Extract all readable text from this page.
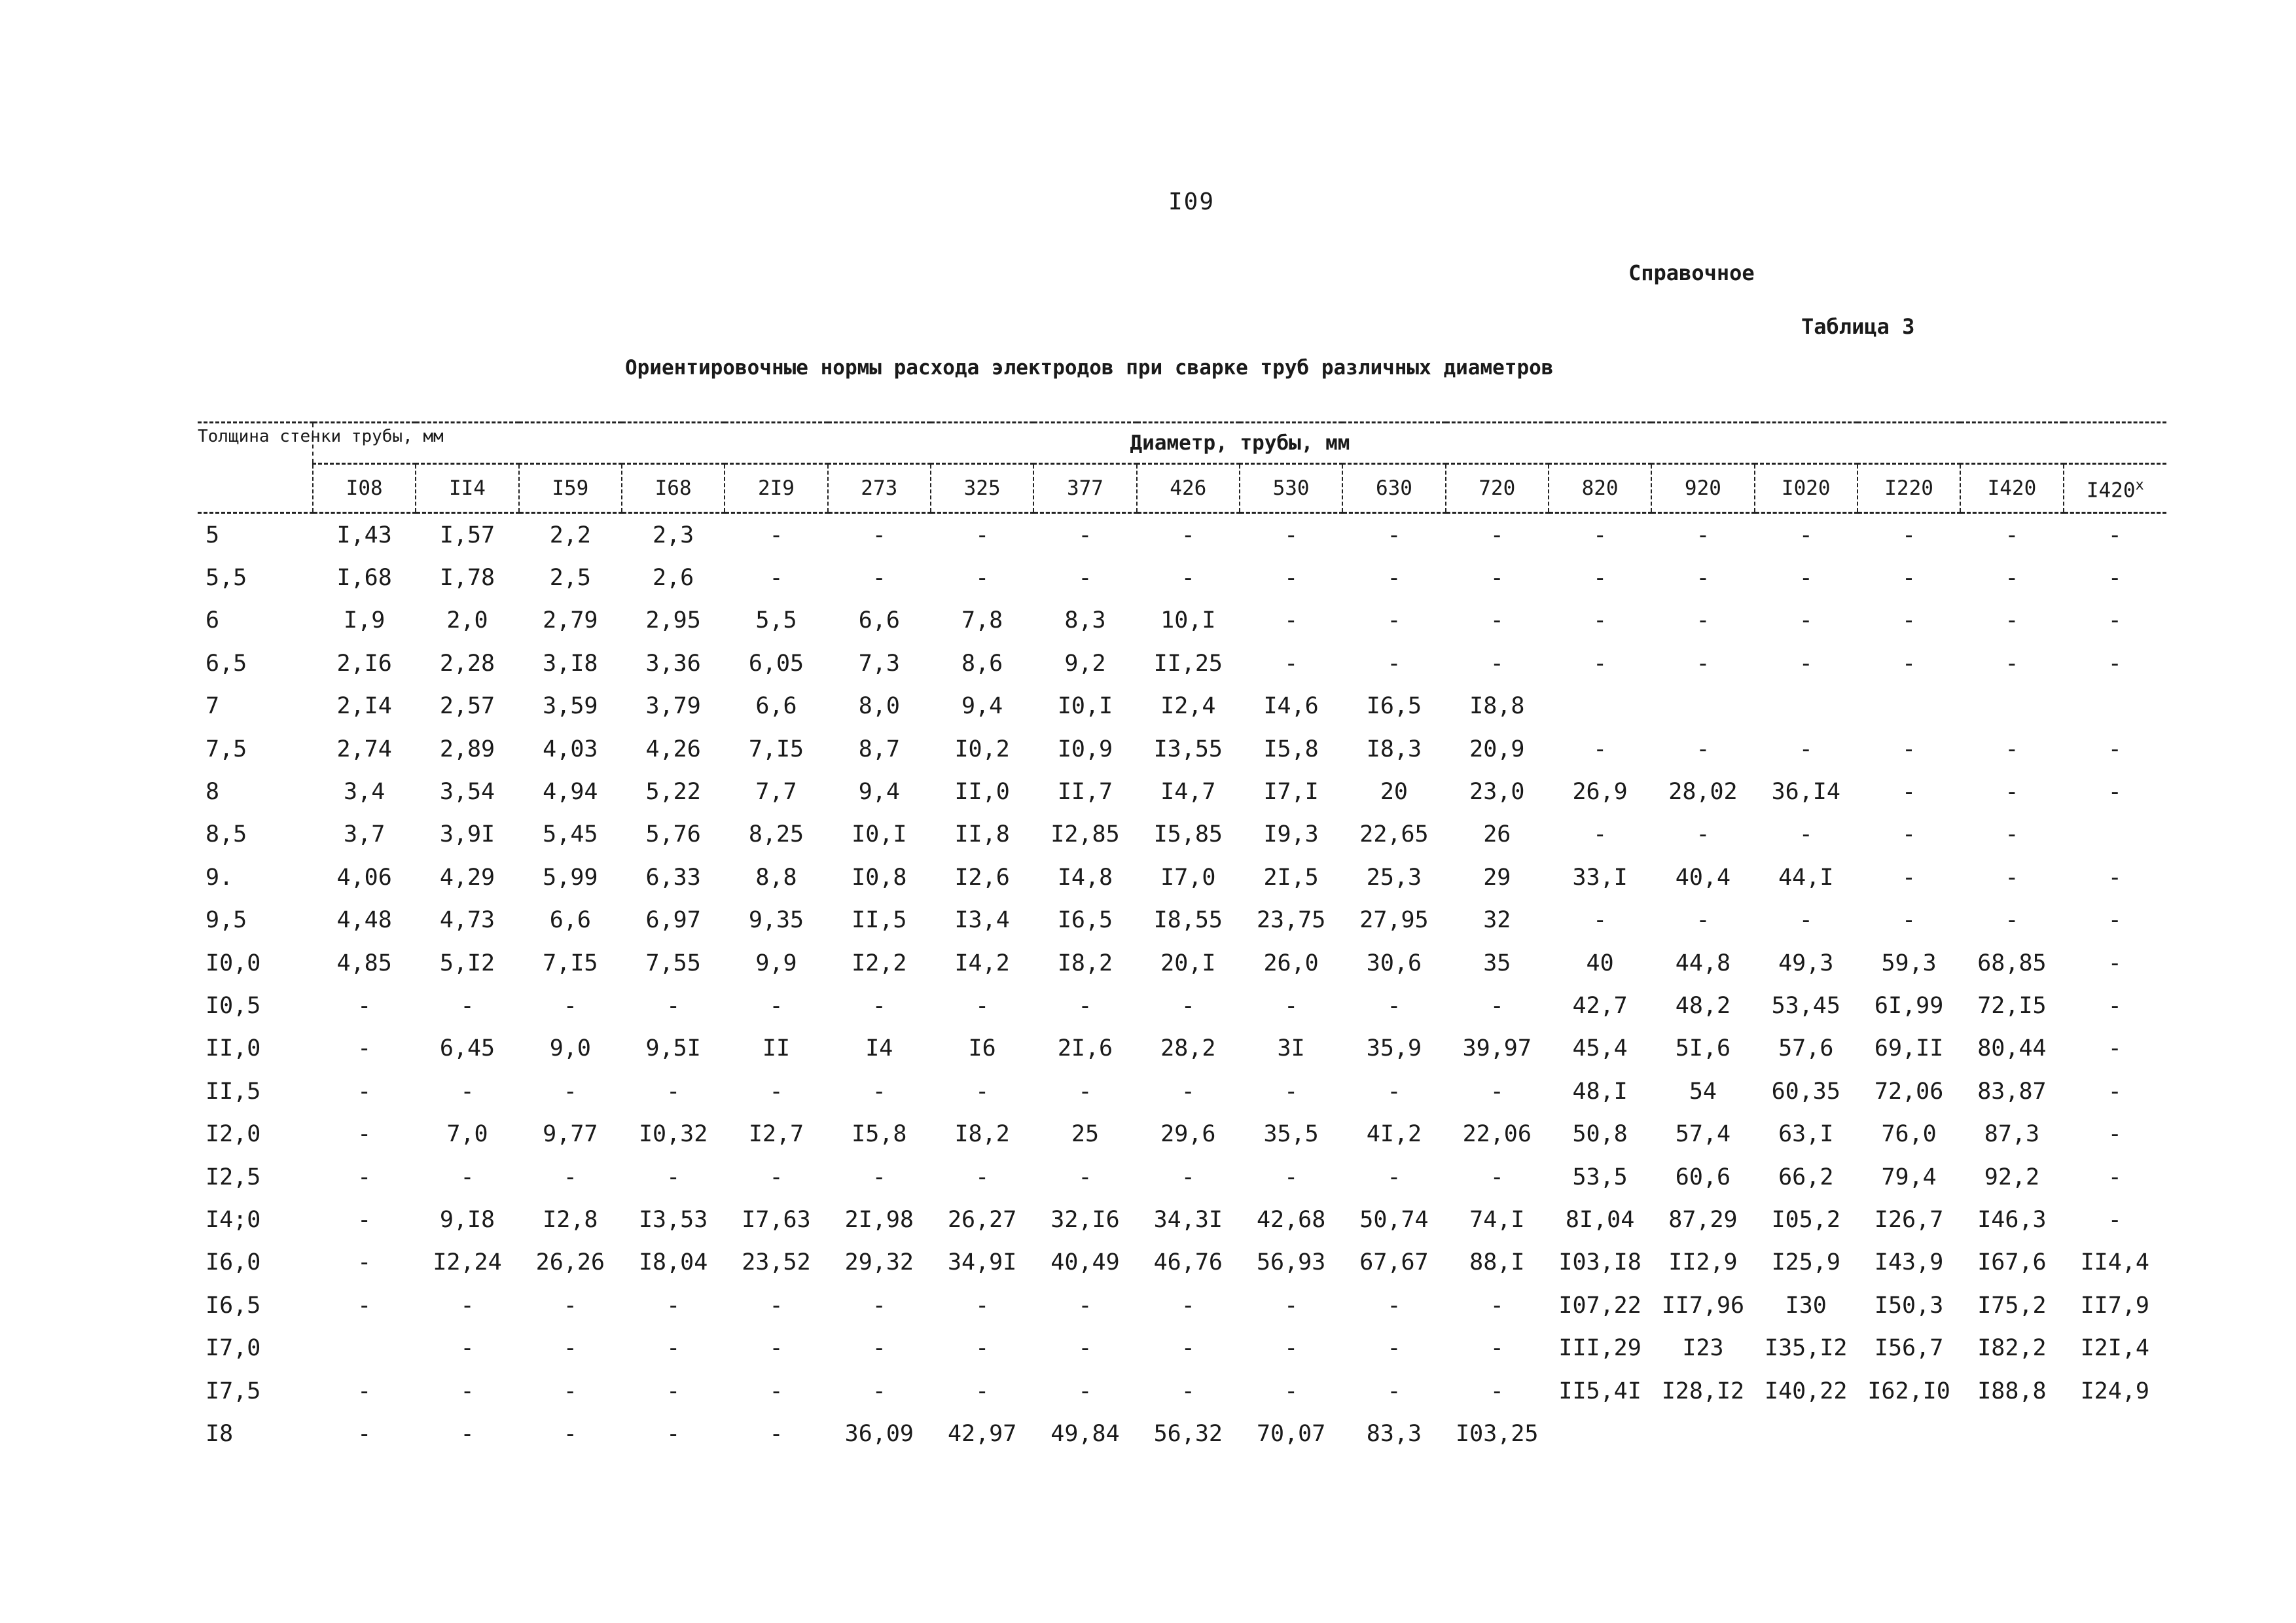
I09
Справочное
Таблица 3
Ориентировочные нормы расхода электродов при сварке труб различных диаметров
Толщина стенки трубы, мм	Диаметр, трубы, мм																	
	I08	II4	I59	I68	2I9	273	325	377	426	530	630	720	820	920	I020	I220	I420	I420$^x$
5	I,43	I,57	2,2	2,3	-	-	-	-	-	-	-	-	-	-	-	-	-	-
5,5	I,68	I,78	2,5	2,6	-	-	-	-	-	-	-	-	-	-	-	-	-	-
6	I,9	2,0	2,79	2,95	5,5	6,6	7,8	8,3	10,I	-	-	-	-	-	-	-	-	-
6,5	2,I6	2,28	3,I8	3,36	6,05	7,3	8,6	9,2	II,25	-	-	-	-	-	-	-	-	-
7	2,I4	2,57	3,59	3,79	6,6	8,0	9,4	I0,I	I2,4	I4,6	I6,5	I8,8						
7,5	2,74	2,89	4,03	4,26	7,I5	8,7	I0,2	I0,9	I3,55	I5,8	I8,3	20,9	-	-	-	-	-	-
8	3,4	3,54	4,94	5,22	7,7	9,4	II,0	II,7	I4,7	I7,I	20	23,0	26,9	28,02	36,I4	-	-	-
8,5	3,7	3,9I	5,45	5,76	8,25	I0,I	II,8	I2,85	I5,85	I9,3	22,65	26	-	-	-	-	-	
9.	4,06	4,29	5,99	6,33	8,8	I0,8	I2,6	I4,8	I7,0	2I,5	25,3	29	33,I	40,4	44,I	-	-	-
9,5	4,48	4,73	6,6	6,97	9,35	II,5	I3,4	I6,5	I8,55	23,75	27,95	32	-	-	-	-	-	-
I0,0	4,85	5,I2	7,I5	7,55	9,9	I2,2	I4,2	I8,2	20,I	26,0	30,6	35	40	44,8	49,3	59,3	68,85	-
I0,5	-	-	-	-	-	-	-	-	-	-	-	-	42,7	48,2	53,45	6I,99	72,I5	-
II,0	-	6,45	9,0	9,5I	II	I4	I6	2I,6	28,2	3I	35,9	39,97	45,4	5I,6	57,6	69,II	80,44	-
II,5	-	-	-	-	-	-	-	-	-	-	-	-	48,I	54	60,35	72,06	83,87	-
I2,0	-	7,0	9,77	I0,32	I2,7	I5,8	I8,2	25	29,6	35,5	4I,2	22,06	50,8	57,4	63,I	76,0	87,3	-
I2,5	-	-	-	-	-	-	-	-	-	-	-	-	53,5	60,6	66,2	79,4	92,2	-
I4;0	-	9,I8	I2,8	I3,53	I7,63	2I,98	26,27	32,I6	34,3I	42,68	50,74	74,I	8I,04	87,29	I05,2	I26,7	I46,3	-
I6,0	-	I2,24	26,26	I8,04	23,52	29,32	34,9I	40,49	46,76	56,93	67,67	88,I	I03,I8	II2,9	I25,9	I43,9	I67,6	II4,4
I6,5	-	-	-	-	-	-	-	-	-	-	-	-	I07,22	II7,96	I30	I50,3	I75,2	II7,9
I7,0		-	-	-	-	-	-	-	-	-	-	-	III,29	I23	I35,I2	I56,7	I82,2	I2I,4
I7,5	-	-	-	-	-	-	-	-	-	-	-	-	II5,4I	I28,I2	I40,22	I62,I0	I88,8	I24,9
I8	-	-	-	-	-	36,09	42,97	49,84	56,32	70,07	83,3	I03,25						
